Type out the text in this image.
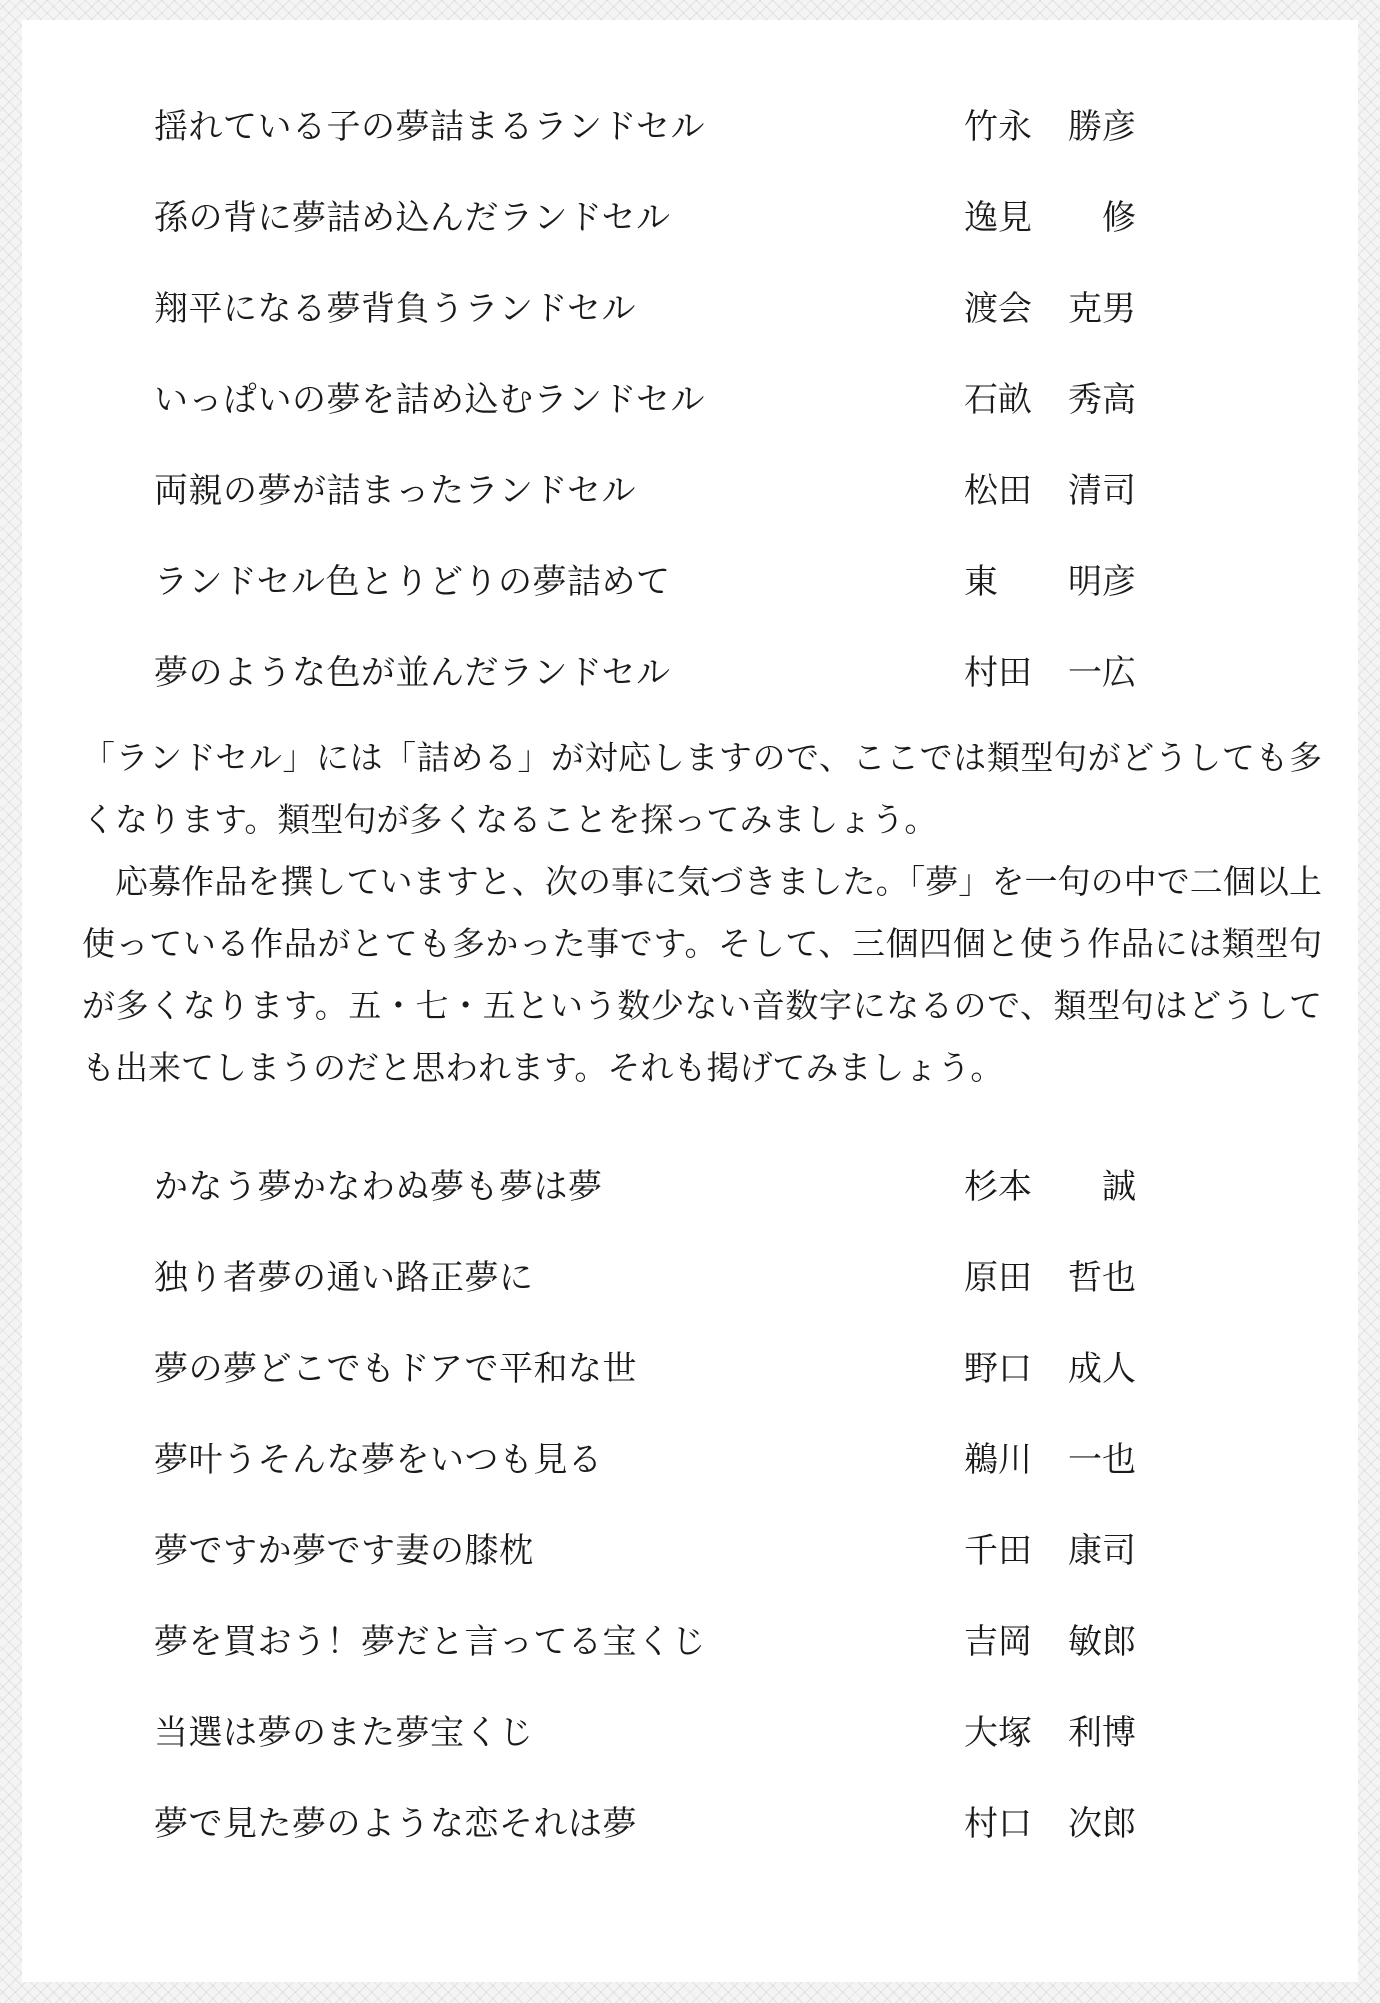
揺れている子の夢詰まるランドセル	竹永 勝彦
孫の背に夢詰め込んだランドセル	逸見 修
翔平になる夢背負うランドセル	渡会 克男
いっぱいの夢を詰め込むランドセル	石畝 秀高
両親の夢が詰まったランドセル	松田 清司
ランドセル色とりどりの夢詰めて	東 明彦
夢のような色が並んだランドセル	村田 一広

「ランドセル」には「詰める」が対応しますので、ここでは類型句がどうしても多くなります。類型句が多くなることを探ってみましょう。

応募作品を撰していますと、次の事に気づきました。「夢」を一句の中で二個以上使っている作品がとても多かった事です。そして、三個四個と使う作品には類型句が多くなります。五・七・五という数少ない音数字になるので、類型句はどうしても出来てしまうのだと思われます。それも掲げてみましょう。

かなう夢かなわぬ夢も夢は夢	杉本 誠
独り者夢の通い路正夢に	原田 哲也
夢の夢どこでもドアで平和な世	野口 成人
夢叶うそんな夢をいつも見る	鵜川 一也
夢ですか夢です妻の膝枕	千田 康司
夢を買おう！夢だと言ってる宝くじ	吉岡 敏郎
当選は夢のまた夢宝くじ	大塚 利博
夢で見た夢のような恋それは夢	村口 次郎
